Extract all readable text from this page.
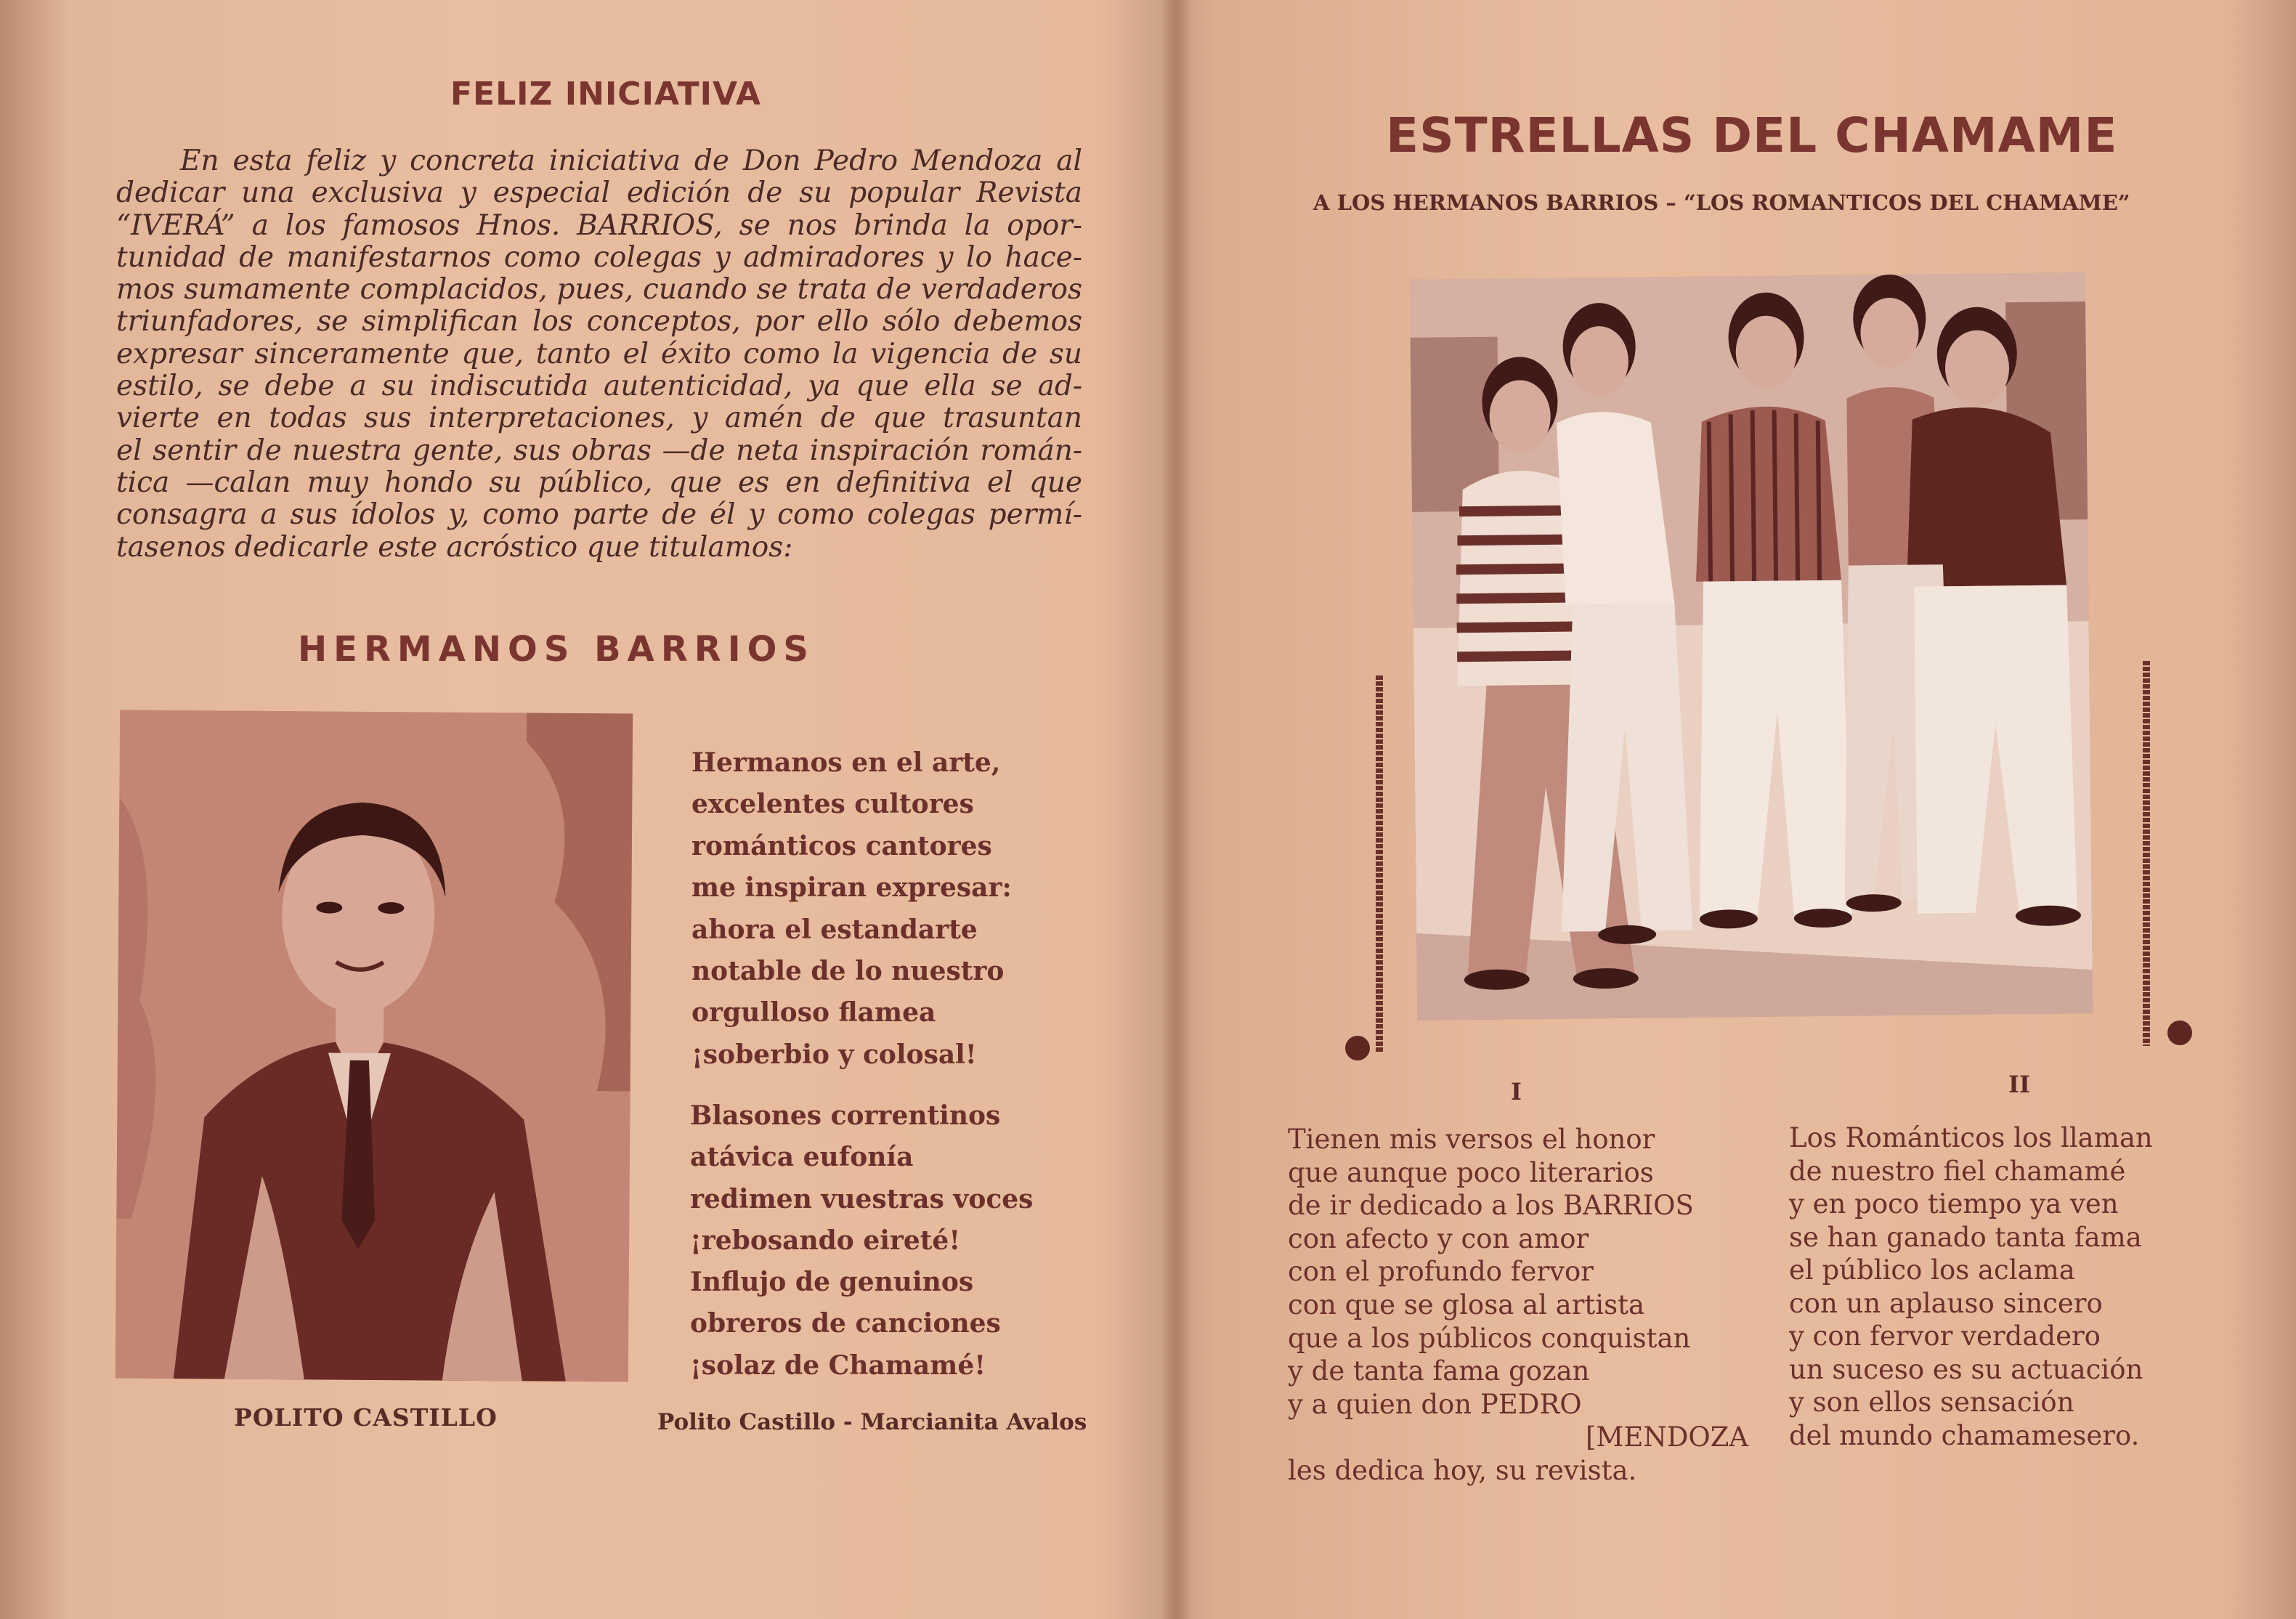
FELIZ INICIATIVA
En esta feliz y concreta iniciativa de Don Pedro Mendoza al
dedicar una exclusiva y especial edición de su popular Revista
“IVERÁ” a los famosos Hnos. BARRIOS, se nos brinda la opor-
tunidad de manifestarnos como colegas y admiradores y lo hace-
mos sumamente complacidos, pues, cuando se trata de verdaderos
triunfadores, se simplifican los conceptos, por ello sólo debemos
expresar sinceramente que, tanto el éxito como la vigencia de su
estilo, se debe a su indiscutida autenticidad, ya que ella se ad-
vierte en todas sus interpretaciones, y amén de que trasuntan
el sentir de nuestra gente, sus obras —de neta inspiración román-
tica —calan muy hondo su público, que es en definitiva el que
consagra a sus ídolos y, como parte de él y como colegas permí-
tasenos dedicarle este acróstico que titulamos:
HERMANOS BARRIOS
POLITO CASTILLO
Hermanos en el arte,
excelentes cultores
románticos cantores
me inspiran expresar:
ahora el estandarte
notable de lo nuestro
orgulloso flamea
¡soberbio y colosal!
Blasones correntinos
atávica eufonía
redimen vuestras voces
¡rebosando eireté!
Influjo de genuinos
obreros de canciones
¡solaz de Chamamé!
Polito Castillo - Marcianita Avalos
ESTRELLAS DEL CHAMAME
A LOS HERMANOS BARRIOS – “LOS ROMANTICOS DEL CHAMAME”
I	II
Tienen mis versos el honor
que aunque poco literarios
de ir dedicado a los BARRIOS
con afecto y con amor
con el profundo fervor
con que se glosa al artista
que a los públicos conquistan
y de tanta fama gozan
y a quien don PEDRO
[MENDOZA
les dedica hoy, su revista.
Los Románticos los llaman
de nuestro fiel chamamé
y en poco tiempo ya ven
se han ganado tanta fama
el público los aclama
con un aplauso sincero
y con fervor verdadero
un suceso es su actuación
y son ellos sensación
del mundo chamamesero.
